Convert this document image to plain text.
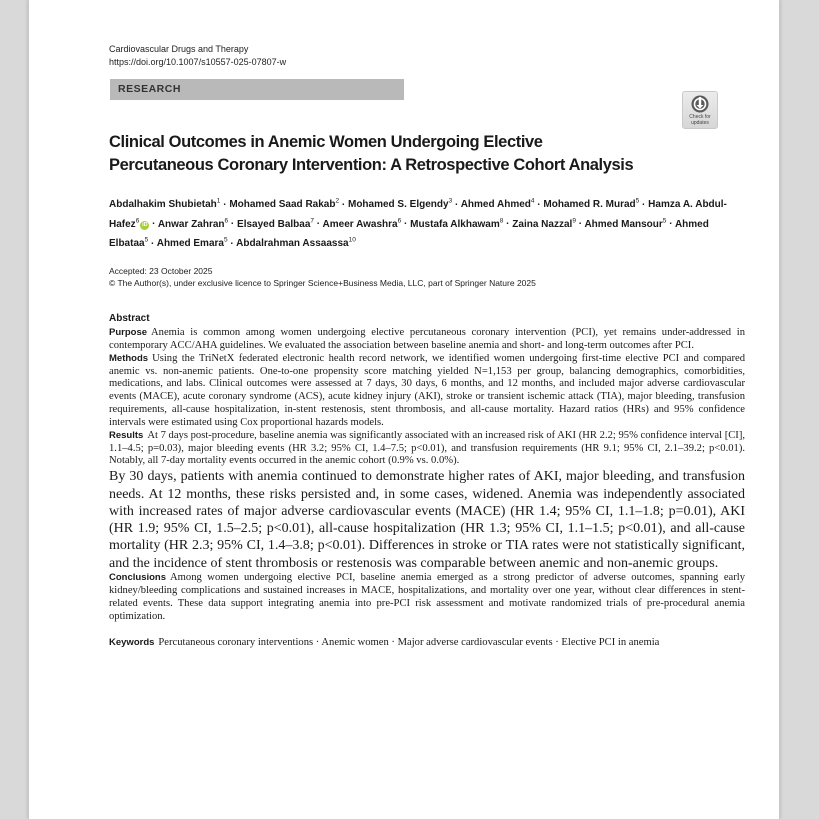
Cardiovascular Drugs and Therapy
https://doi.org/10.1007/s10557-025-07807-w
RESEARCH
Check for
updates
Clinical Outcomes in Anemic Women Undergoing Elective
Percutaneous Coronary Intervention: A Retrospective Cohort Analysis
Abdalhakim Shubietah$^1$ · Mohamed Saad Rakab$^2$ · Mohamed S. Elgendy$^3$ · Ahmed Ahmed$^4$ · Mohamed R. Murad$^5$ · Hamza A. Abdul-Hafez$^6$iD · Anwar Zahran$^6$ · Elsayed Balbaa$^7$ · Ameer Awashra$^6$ · Mustafa Alkhawam$^8$ · Zaina Nazzal$^9$ · Ahmed Mansour$^5$ · Ahmed Elbataa$^5$ · Ahmed Emara$^5$ · Abdalrahman Assaassa$^{10}$
Accepted: 23 October 2025
© The Author(s), under exclusive licence to Springer Science+Business Media, LLC, part of Springer Nature 2025
Abstract

Purpose Anemia is common among women undergoing elective percutaneous coronary intervention (PCI), yet remains under-addressed in contemporary ACC/AHA guidelines. We evaluated the association between baseline anemia and short- and long-term outcomes after PCI.

Methods Using the TriNetX federated electronic health record network, we identified women undergoing first-time elective PCI and compared anemic vs. non-anemic patients. One-to-one propensity score matching yielded N=1,153 per group, balancing demographics, comorbidities, medications, and labs. Clinical outcomes were assessed at 7 days, 30 days, 6 months, and 12 months, and included major adverse cardiovascular events (MACE), acute coronary syndrome (ACS), acute kidney injury (AKI), stroke or transient ischemic attack (TIA), major bleeding, transfusion requirements, all-cause hospitalization, in-stent restenosis, stent thrombosis, and all-cause mortality. Hazard ratios (HRs) and 95% confidence intervals were estimated using Cox proportional hazards models.

Results At 7 days post-procedure, baseline anemia was significantly associated with an increased risk of AKI (HR 2.2; 95% confidence interval [CI], 1.1–4.5; p=0.03), major bleeding events (HR 3.2; 95% CI, 1.4–7.5; p<0.01), and transfusion requirements (HR 9.1; 95% CI, 2.1–39.2; p<0.01). Notably, all 7-day mortality events occurred in the anemic cohort (0.9% vs. 0.0%).

By 30 days, patients with anemia continued to demonstrate higher rates of AKI, major bleeding, and transfusion needs. At 12 months, these risks persisted and, in some cases, widened. Anemia was independently associated with increased rates of major adverse cardiovascular events (MACE) (HR 1.4; 95% CI, 1.1–1.8; p=0.01), AKI (HR 1.9; 95% CI, 1.5–2.5; p<0.01), all-cause hospitalization (HR 1.3; 95% CI, 1.1–1.5; p<0.01), and all-cause mortality (HR 2.3; 95% CI, 1.4–3.8; p<0.01). Differences in stroke or TIA rates were not statistically significant, and the incidence of stent thrombosis or restenosis was comparable between anemic and non-anemic groups.

Conclusions Among women undergoing elective PCI, baseline anemia emerged as a strong predictor of adverse outcomes, spanning early kidney/bleeding complications and sustained increases in MACE, hospitalizations, and mortality over one year, without clear differences in stent-related events. These data support integrating anemia into pre-PCI risk assessment and motivate randomized trials of pre-procedural anemia optimization.

Keywords Percutaneous coronary interventions · Anemic women · Major adverse cardiovascular events · Elective PCI in anemia
